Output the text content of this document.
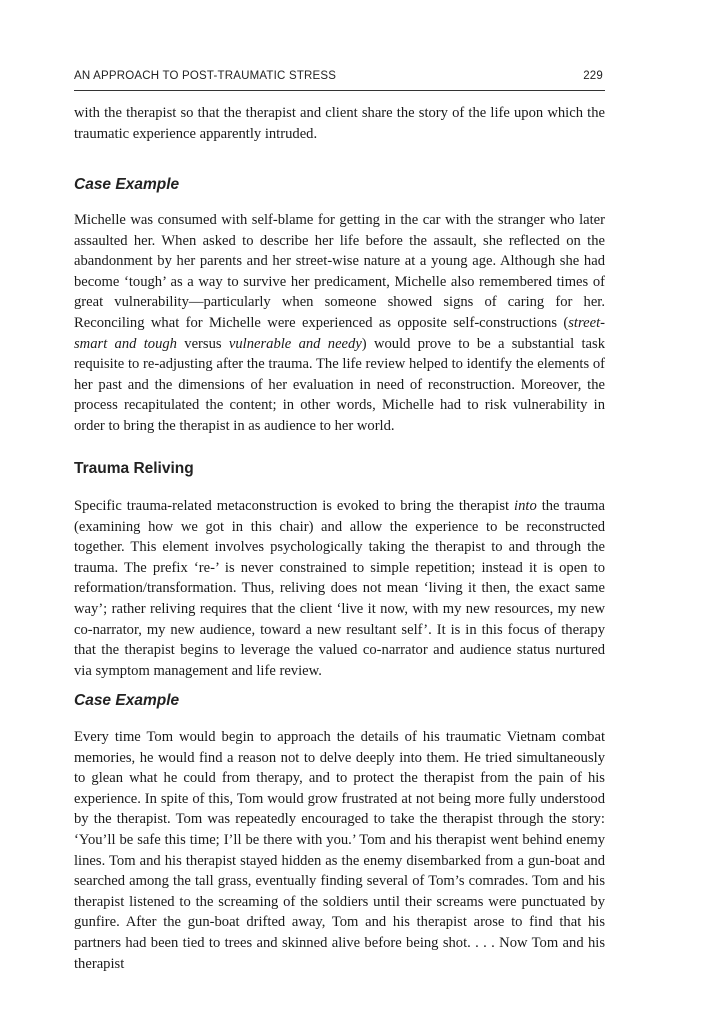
AN APPROACH TO POST-TRAUMATIC STRESS	229

with the therapist so that the therapist and client share the story of the life upon which the traumatic experience apparently intruded.

Case Example

Michelle was consumed with self-blame for getting in the car with the stranger who later assaulted her. When asked to describe her life before the assault, she reflected on the abandonment by her parents and her street-wise nature at a young age. Although she had become ‘tough’ as a way to survive her predicament, Michelle also remembered times of great vulnerability—particularly when someone showed signs of caring for her. Reconciling what for Michelle were experienced as opposite self-constructions (street-smart and tough versus vulnerable and needy) would prove to be a substantial task requisite to re-adjusting after the trauma. The life review helped to identify the elements of her past and the dimensions of her evaluation in need of reconstruction. Moreover, the process recapitulated the content; in other words, Michelle had to risk vulnerability in order to bring the therapist in as audience to her world.

Trauma Reliving

Specific trauma-related metaconstruction is evoked to bring the therapist into the trauma (examining how we got in this chair) and allow the experience to be reconstructed together. This element involves psychologically taking the therapist to and through the trauma. The prefix ‘re-’ is never constrained to simple repetition; instead it is open to reformation/transformation. Thus, reliving does not mean ‘living it then, the exact same way’; rather reliving requires that the client ‘live it now, with my new resources, my new co-narrator, my new audience, toward a new resultant self’. It is in this focus of therapy that the therapist begins to leverage the valued co-narrator and audience status nurtured via symptom management and life review.

Case Example

Every time Tom would begin to approach the details of his traumatic Vietnam combat memories, he would find a reason not to delve deeply into them. He tried simultaneously to glean what he could from therapy, and to protect the therapist from the pain of his experience. In spite of this, Tom would grow frustrated at not being more fully understood by the therapist. Tom was repeatedly encouraged to take the therapist through the story: ‘You’ll be safe this time; I’ll be there with you.’ Tom and his therapist went behind enemy lines. Tom and his therapist stayed hidden as the enemy disembarked from a gun-boat and searched among the tall grass, eventually finding several of Tom’s comrades. Tom and his therapist listened to the screaming of the soldiers until their screams were punctuated by gunfire. After the gun-boat drifted away, Tom and his therapist arose to find that his partners had been tied to trees and skinned alive before being shot. . . . Now Tom and his therapist
